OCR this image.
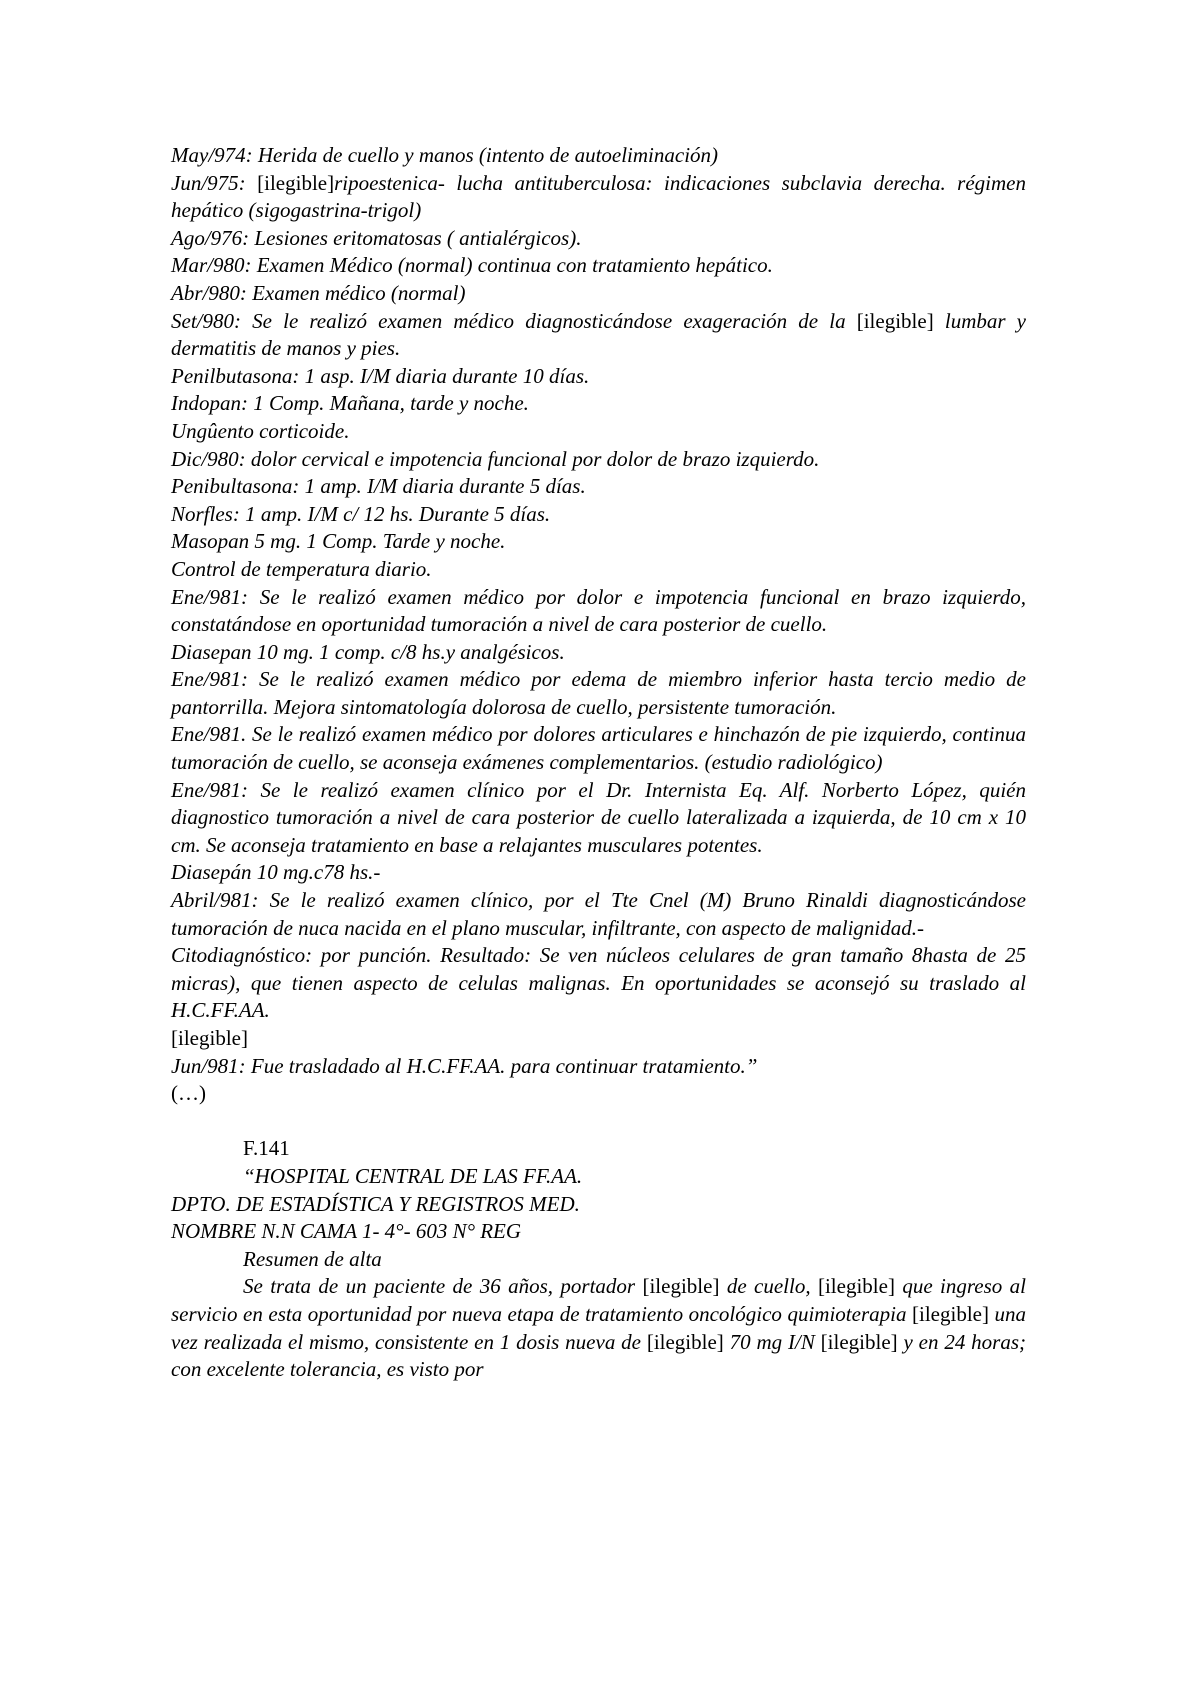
May/974: Herida de cuello y manos (intento de autoeliminación)
Jun/975: [ilegible]ripoestenica- lucha antituberculosa: indicaciones subclavia derecha. régimen hepático (sigogastrina-trigol)
Ago/976: Lesiones eritomatosas ( antialérgicos).
Mar/980: Examen Médico (normal) continua con tratamiento hepático.
Abr/980: Examen médico (normal)
Set/980: Se le realizó examen médico diagnosticándose exageración de la [ilegible] lumbar y dermatitis de manos y pies.
Penilbutasona: 1 asp. I/M diaria durante 10 días.
Indopan: 1 Comp. Mañana, tarde y noche.
Ungûento corticoide.
Dic/980: dolor cervical e impotencia funcional por dolor de brazo izquierdo.
Penibultasona: 1 amp. I/M diaria durante 5 días.
Norfles: 1 amp. I/M c/ 12 hs. Durante 5 días.
Masopan 5 mg. 1 Comp. Tarde y noche.
Control de temperatura diario.
Ene/981: Se le realizó examen médico por dolor e impotencia funcional en brazo izquierdo, constatándose en oportunidad tumoración a nivel de cara posterior de cuello.
Diasepan 10 mg. 1 comp. c/8 hs.y analgésicos.
Ene/981: Se le realizó examen médico por edema de miembro inferior hasta tercio medio de pantorrilla. Mejora sintomatología dolorosa de cuello, persistente tumoración.
Ene/981. Se le realizó examen médico por dolores articulares e hinchazón de pie izquierdo, continua tumoración de cuello, se aconseja exámenes complementarios. (estudio radiológico)
Ene/981: Se le realizó examen clínico por el Dr. Internista Eq. Alf. Norberto López, quién diagnostico tumoración a nivel de cara posterior de cuello lateralizada a izquierda, de 10 cm x 10 cm. Se aconseja tratamiento en base a relajantes musculares potentes.
Diasepán 10 mg.c78 hs.-
Abril/981: Se le realizó examen clínico, por el Tte Cnel (M) Bruno Rinaldi diagnosticándose tumoración de nuca nacida en el plano muscular, infiltrante, con aspecto de malignidad.-
Citodiagnóstico: por punción. Resultado: Se ven núcleos celulares de gran tamaño 8hasta de 25 micras), que tienen aspecto de celulas malignas. En oportunidades se aconsejó su traslado al H.C.FF.AA.
[ilegible]
Jun/981: Fue trasladado al H.C.FF.AA. para continuar tratamiento.”
(…)
F.141
“HOSPITAL CENTRAL DE LAS FF.AA.
DPTO. DE ESTADÍSTICA Y REGISTROS MED.
NOMBRE N.N CAMA 1- 4°- 603 N° REG
Resumen de alta
Se trata de un paciente de 36 años, portador [ilegible] de cuello, [ilegible] que ingreso al servicio en esta oportunidad por nueva etapa de tratamiento oncológico quimioterapia [ilegible] una vez realizada el mismo, consistente en 1 dosis nueva de [ilegible] 70 mg I/N [ilegible] y en 24 horas; con excelente tolerancia, es visto por
